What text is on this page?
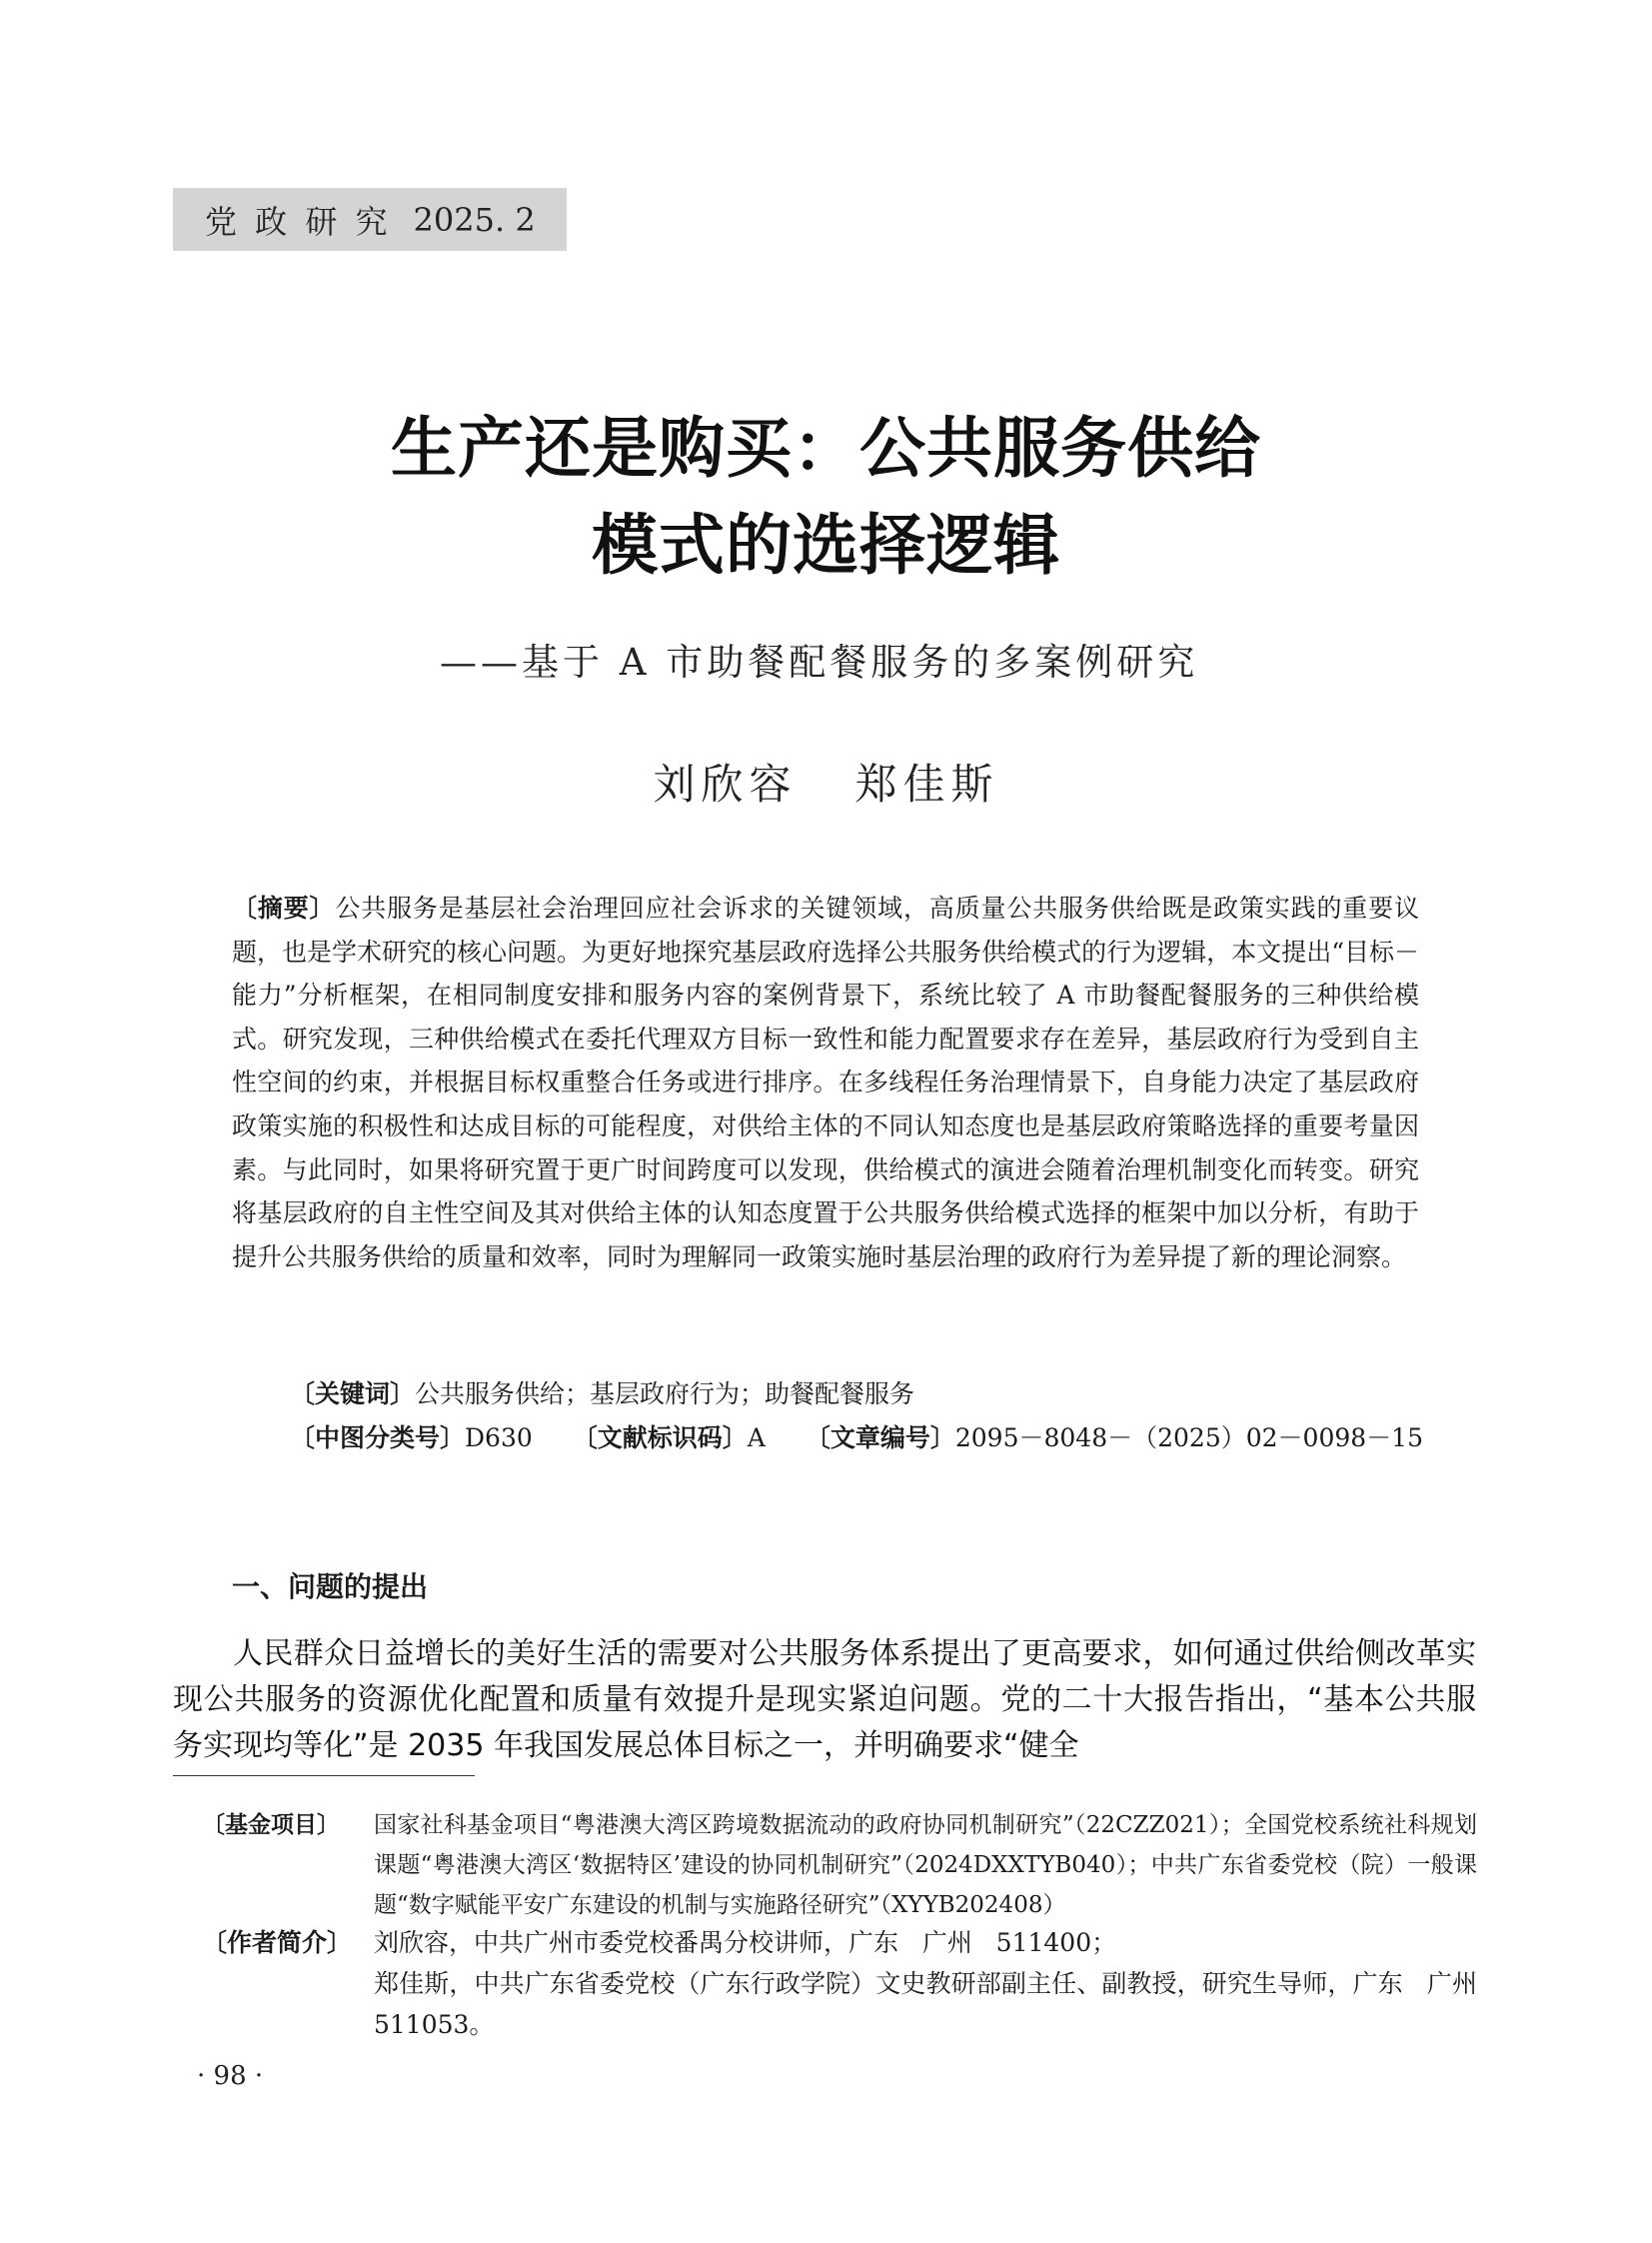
党 政 研 究 2025. 2
生产还是购买：公共服务供给
模式的选择逻辑
——基于 A 市助餐配餐服务的多案例研究
刘欣容   郑佳斯
〔摘要〕公共服务是基层社会治理回应社会诉求的关键领域，高质量公共服务供给既是政策实践的重要议题，也是学术研究的核心问题。为更好地探究基层政府选择公共服务供给模式的行为逻辑，本文提出“目标－能力”分析框架，在相同制度安排和服务内容的案例背景下，系统比较了 A 市助餐配餐服务的三种供给模式。研究发现，三种供给模式在委托代理双方目标一致性和能力配置要求存在差异，基层政府行为受到自主性空间的约束，并根据目标权重整合任务或进行排序。在多线程任务治理情景下，自身能力决定了基层政府政策实施的积极性和达成目标的可能程度，对供给主体的不同认知态度也是基层政府策略选择的重要考量因素。与此同时，如果将研究置于更广时间跨度可以发现，供给模式的演进会随着治理机制变化而转变。研究将基层政府的自主性空间及其对供给主体的认知态度置于公共服务供给模式选择的框架中加以分析，有助于提升公共服务供给的质量和效率，同时为理解同一政策实施时基层治理的政府行为差异提了新的理论洞察。
〔关键词〕公共服务供给；基层政府行为；助餐配餐服务
〔中图分类号〕D630 〔文献标识码〕A 〔文章编号〕2095－8048－（2025）02－0098－15
一、问题的提出
人民群众日益增长的美好生活的需要对公共服务体系提出了更高要求，如何通过供给侧改革实现公共服务的资源优化配置和质量有效提升是现实紧迫问题。党的二十大报告指出，“基本公共服务实现均等化”是 2035 年我国发展总体目标之一，并明确要求“健全
〔基金项目〕	国家社科基金项目“粤港澳大湾区跨境数据流动的政府协同机制研究”（22CZZ021）；全国党校系统社科规划课题“粤港澳大湾区‘数据特区’建设的协同机制研究”（2024DXXTYB040）；中共广东省委党校（院）一般课题“数字赋能平安广东建设的机制与实施路径研究”（XYYB202408）
〔作者简介〕 刘欣容，中共广州市委党校番禺分校讲师，广东   广州   511400；
郑佳斯，中共广东省委党校（广东行政学院）文史教研部副主任、副教授，研究生导师，广东   广州   511053。
· 98 ·
